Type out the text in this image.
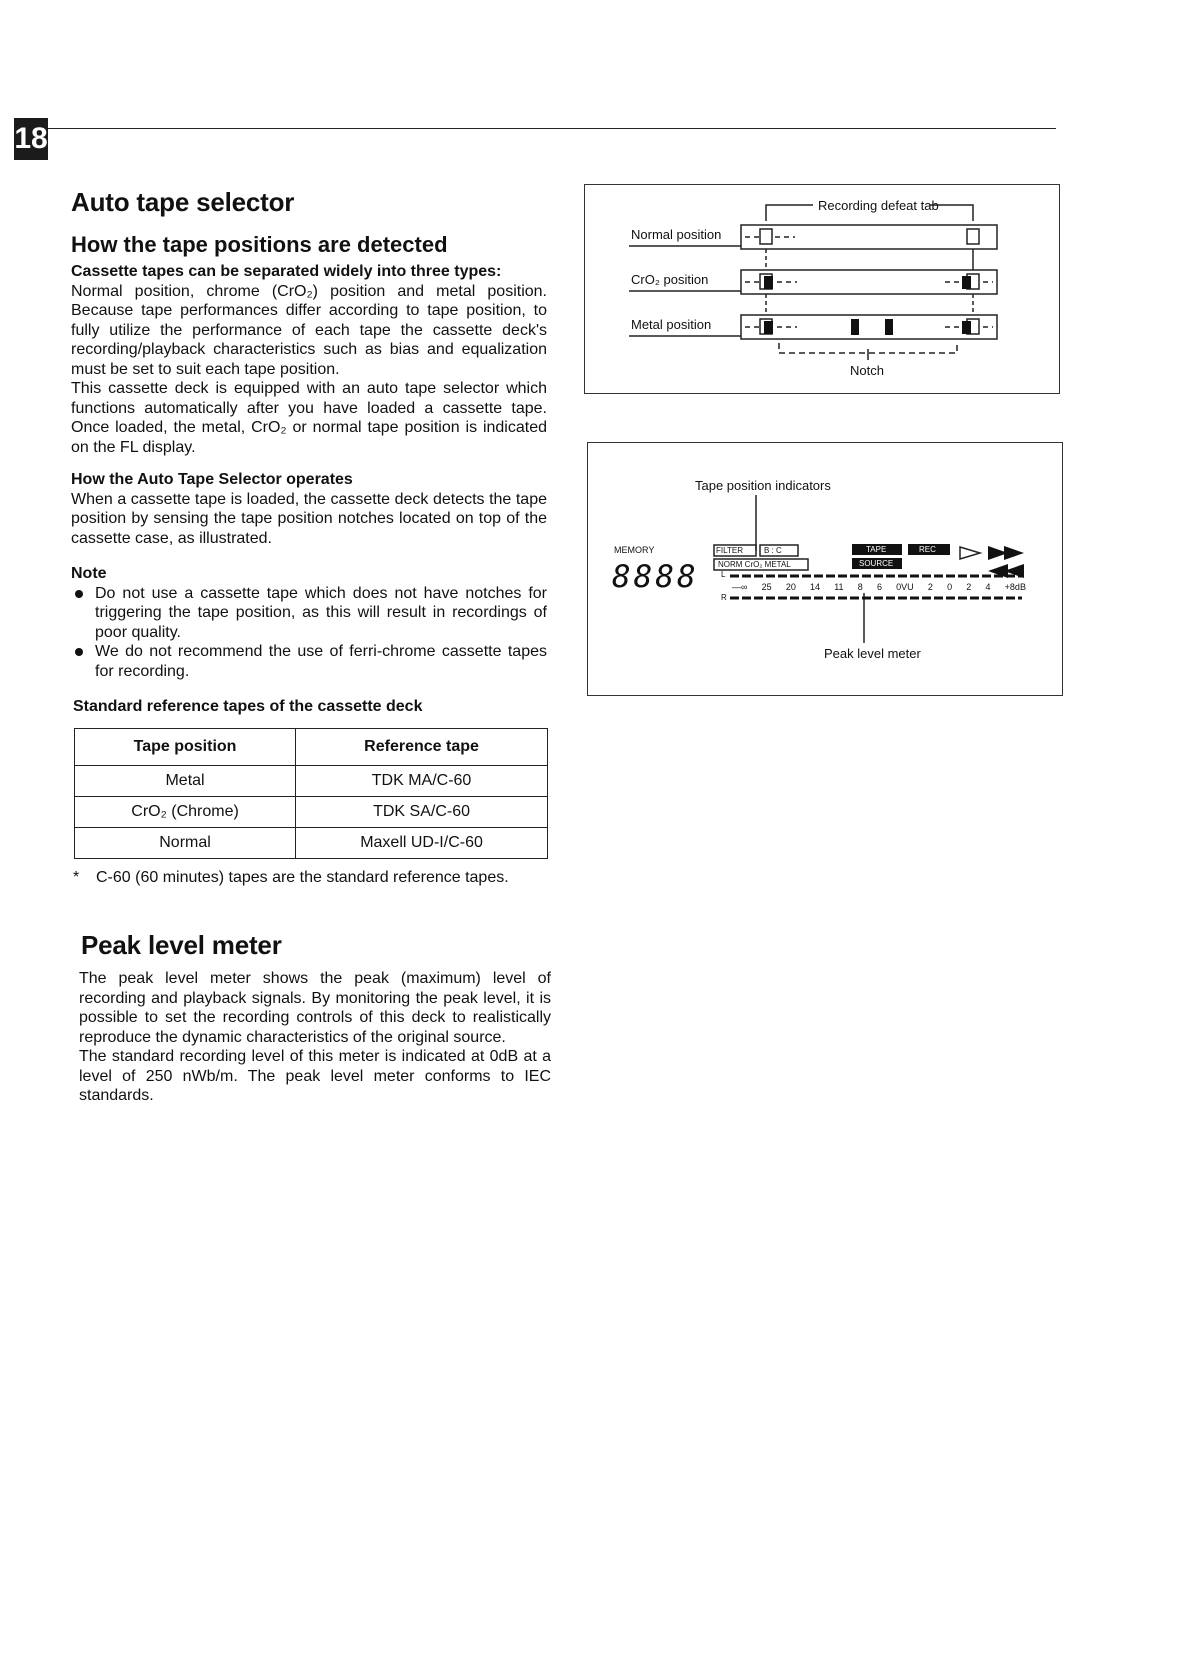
18
Auto tape selector
How the tape positions are detected
Cassette tapes can be separated widely into three types:
Normal position, chrome (CrO₂) position and metal position. Because tape performances differ according to tape position, to fully utilize the performance of each tape the cassette deck's recording/playback characteristics such as bias and equalization must be set to suit each tape position.
This cassette deck is equipped with an auto tape selector which functions automatically after you have loaded a cassette tape. Once loaded, the metal, CrO₂ or normal tape position is indicated on the FL display.
How the Auto Tape Selector operates
When a cassette tape is loaded, the cassette deck detects the tape position by sensing the tape position notches located on top of the cassette case, as illustrated.
Note
Do not use a cassette tape which does not have notches for triggering the tape position, as this will result in recordings of poor quality.
We do not recommend the use of ferri-chrome cassette tapes for recording.
Standard reference tapes of the cassette deck
Tape position	Reference tape
Metal	TDK MA/C-60
CrO₂ (Chrome)	TDK SA/C-60
Normal	Maxell UD-I/C-60
*	C-60 (60 minutes) tapes are the standard reference tapes.
Peak level meter
The peak level meter shows the peak (maximum) level of recording and playback signals. By monitoring the peak level, it is possible to set the recording controls of this deck to realistically reproduce the dynamic characteristics of the original source.
The standard recording level of this meter is indicated at 0dB at a level of 250 nWb/m. The peak level meter conforms to IEC standards.
Recording defeat tab
Normal position
CrO₂ position
Metal position
Notch
Tape position indicators
MEMORY
8888
FILTER	B : C
NORM CrO₂ METAL
TAPE	REC
SOURCE
L
R
—∞ 25 20 14 11 8 6 0VU 2 0 2 4 +8dB
Peak level meter
